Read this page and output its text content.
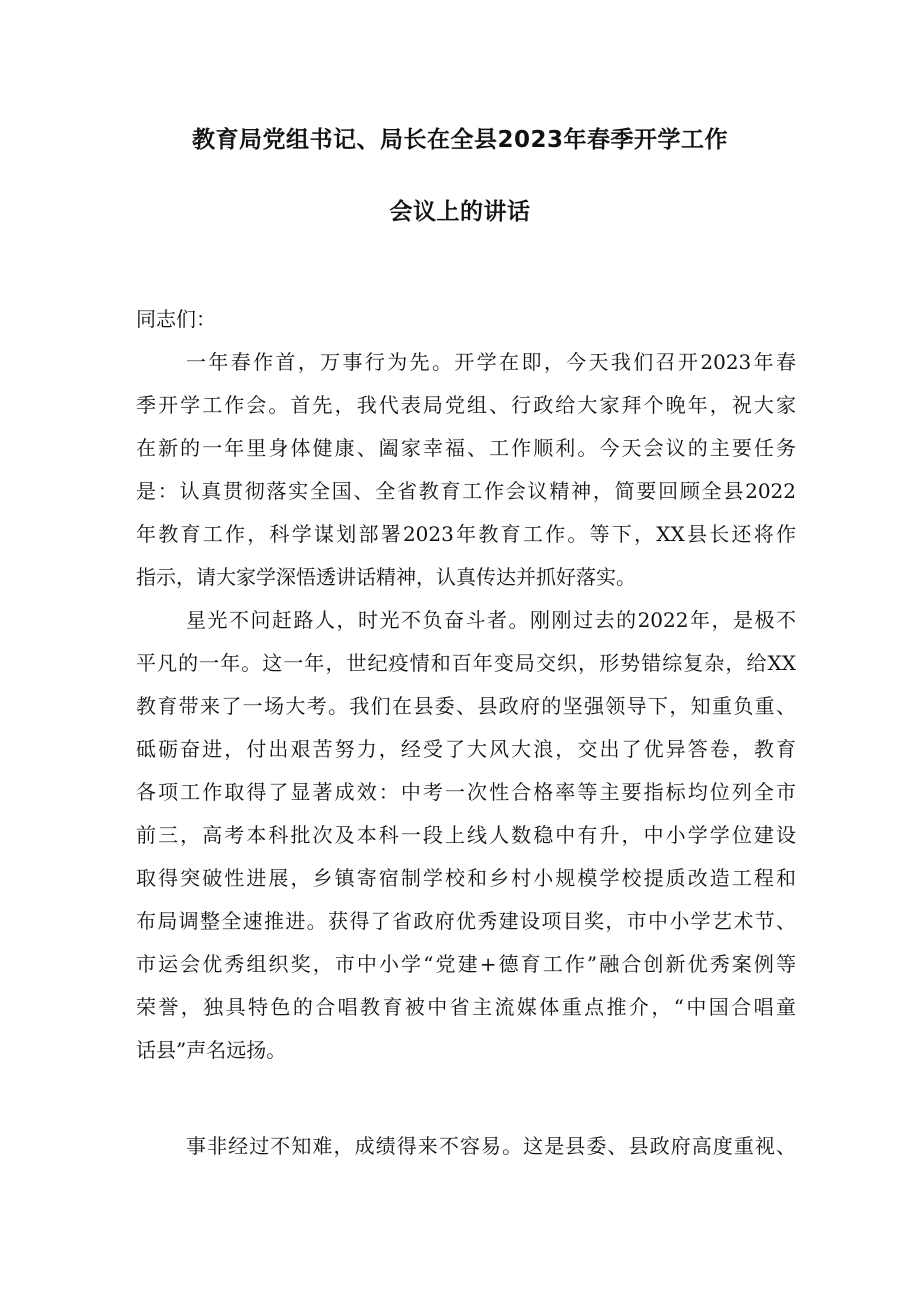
教育局党组书记、局长在全县2023年春季开学工作
会议上的讲话

同志们：

一年春作首，万事行为先。开学在即，今天我们召开2023年春

季开学工作会。首先，我代表局党组、行政给大家拜个晚年，祝大家

在新的一年里身体健康、阖家幸福、工作顺利。今天会议的主要任务

是：认真贯彻落实全国、全省教育工作会议精神，简要回顾全县2022

年教育工作，科学谋划部署2023年教育工作。等下，XX县长还将作

指示，请大家学深悟透讲话精神，认真传达并抓好落实。

星光不问赶路人，时光不负奋斗者。刚刚过去的2022年，是极不

平凡的一年。这一年，世纪疫情和百年变局交织，形势错综复杂，给XX

教育带来了一场大考。我们在县委、县政府的坚强领导下，知重负重、

砥砺奋进，付出艰苦努力，经受了大风大浪，交出了优异答卷，教育

各项工作取得了显著成效：中考一次性合格率等主要指标均位列全市

前三，高考本科批次及本科一段上线人数稳中有升，中小学学位建设

取得突破性进展，乡镇寄宿制学校和乡村小规模学校提质改造工程和

布局调整全速推进。获得了省政府优秀建设项目奖，市中小学艺术节、

市运会优秀组织奖，市中小学“党建+德育工作”融合创新优秀案例等

荣誉，独具特色的合唱教育被中省主流媒体重点推介，“中国合唱童

话县”声名远扬。

事非经过不知难，成绩得来不容易。这是县委、县政府高度重视、
